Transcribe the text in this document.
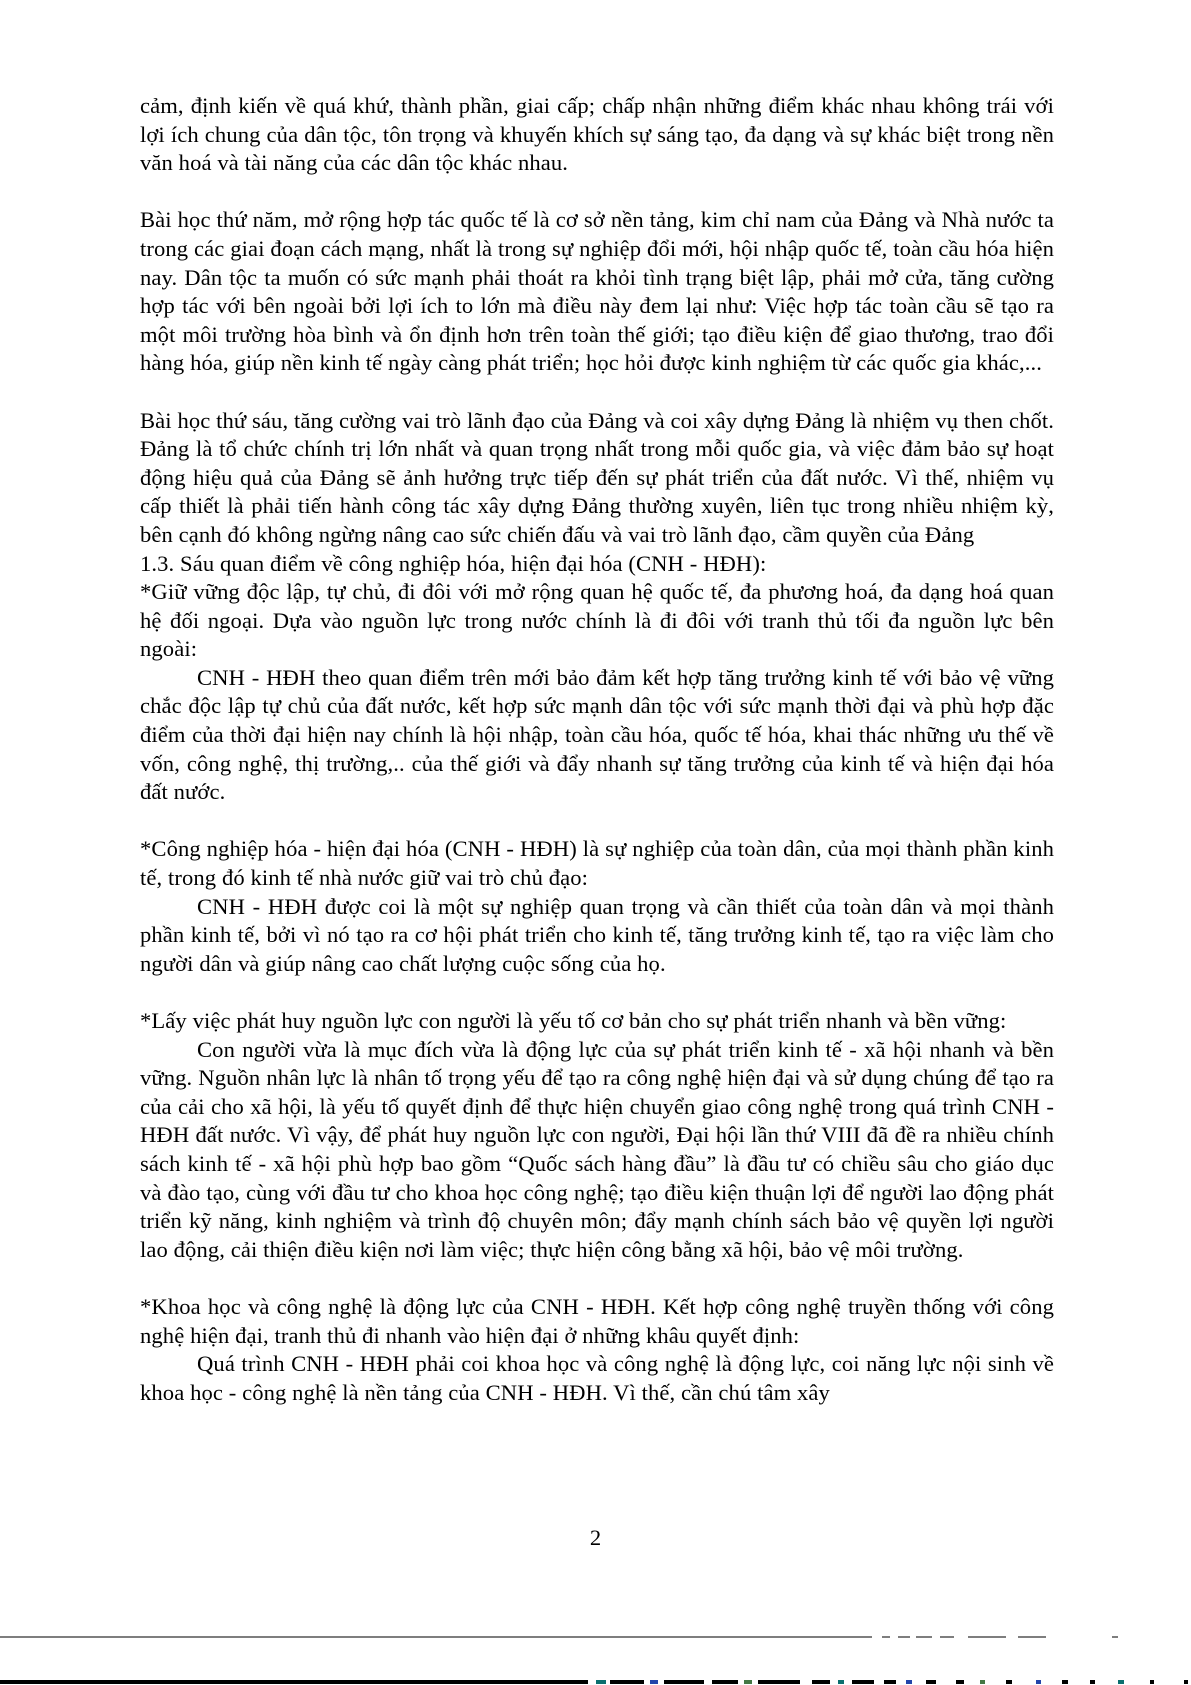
cảm, định kiến về quá khứ, thành phần, giai cấp; chấp nhận những điểm khác nhau không trái với lợi ích chung của dân tộc, tôn trọng và khuyến khích sự sáng tạo, đa dạng và sự khác biệt trong nền văn hoá và tài năng của các dân tộc khác nhau.

Bài học thứ năm, mở rộng hợp tác quốc tế là cơ sở nền tảng, kim chỉ nam của Đảng và Nhà nước ta trong các giai đoạn cách mạng, nhất là trong sự nghiệp đổi mới, hội nhập quốc tế, toàn cầu hóa hiện nay. Dân tộc ta muốn có sức mạnh phải thoát ra khỏi tình trạng biệt lập, phải mở cửa, tăng cường hợp tác với bên ngoài bởi lợi ích to lớn mà điều này đem lại như: Việc hợp tác toàn cầu sẽ tạo ra một môi trường hòa bình và ổn định hơn trên toàn thế giới; tạo điều kiện để giao thương, trao đổi hàng hóa, giúp nền kinh tế ngày càng phát triển; học hỏi được kinh nghiệm từ các quốc gia khác,...

Bài học thứ sáu, tăng cường vai trò lãnh đạo của Đảng và coi xây dựng Đảng là nhiệm vụ then chốt. Đảng là tổ chức chính trị lớn nhất và quan trọng nhất trong mỗi quốc gia, và việc đảm bảo sự hoạt động hiệu quả của Đảng sẽ ảnh hưởng trực tiếp đến sự phát triển của đất nước. Vì thế, nhiệm vụ cấp thiết là phải tiến hành công tác xây dựng Đảng thường xuyên, liên tục trong nhiều nhiệm kỳ, bên cạnh đó không ngừng nâng cao sức chiến đấu và vai trò lãnh đạo, cầm quyền của Đảng

1.3. Sáu quan điểm về công nghiệp hóa, hiện đại hóa (CNH - HĐH):

*Giữ vững độc lập, tự chủ, đi đôi với mở rộng quan hệ quốc tế, đa phương hoá, đa dạng hoá quan hệ đối ngoại. Dựa vào nguồn lực trong nước chính là đi đôi với tranh thủ tối đa nguồn lực bên ngoài:

CNH - HĐH theo quan điểm trên mới bảo đảm kết hợp tăng trưởng kinh tế với bảo vệ vững chắc độc lập tự chủ của đất nước, kết hợp sức mạnh dân tộc với sức mạnh thời đại và phù hợp đặc điểm của thời đại hiện nay chính là hội nhập, toàn cầu hóa, quốc tế hóa, khai thác những ưu thế về vốn, công nghệ, thị trường,.. của thế giới và đẩy nhanh sự tăng trưởng của kinh tế và hiện đại hóa đất nước.

*Công nghiệp hóa - hiện đại hóa (CNH - HĐH) là sự nghiệp của toàn dân, của mọi thành phần kinh tế, trong đó kinh tế nhà nước giữ vai trò chủ đạo:

CNH - HĐH được coi là một sự nghiệp quan trọng và cần thiết của toàn dân và mọi thành phần kinh tế, bởi vì nó tạo ra cơ hội phát triển cho kinh tế, tăng trưởng kinh tế, tạo ra việc làm cho người dân và giúp nâng cao chất lượng cuộc sống của họ.

*Lấy việc phát huy nguồn lực con người là yếu tố cơ bản cho sự phát triển nhanh và bền vững:

Con người vừa là mục đích vừa là động lực của sự phát triển kinh tế - xã hội nhanh và bền vững. Nguồn nhân lực là nhân tố trọng yếu để tạo ra công nghệ hiện đại và sử dụng chúng để tạo ra của cải cho xã hội, là yếu tố quyết định để thực hiện chuyển giao công nghệ trong quá trình CNH - HĐH đất nước. Vì vậy, để phát huy nguồn lực con người, Đại hội lần thứ VIII đã đề ra nhiều chính sách kinh tế - xã hội phù hợp bao gồm “Quốc sách hàng đầu” là đầu tư có chiều sâu cho giáo dục và đào tạo, cùng với đầu tư cho khoa học công nghệ; tạo điều kiện thuận lợi để người lao động phát triển kỹ năng, kinh nghiệm và trình độ chuyên môn; đẩy mạnh chính sách bảo vệ quyền lợi người lao động, cải thiện điều kiện nơi làm việc; thực hiện công bằng xã hội, bảo vệ môi trường.

*Khoa học và công nghệ là động lực của CNH - HĐH. Kết hợp công nghệ truyền thống với công nghệ hiện đại, tranh thủ đi nhanh vào hiện đại ở những khâu quyết định:

Quá trình CNH - HĐH phải coi khoa học và công nghệ là động lực, coi năng lực nội sinh về khoa học - công nghệ là nền tảng của CNH - HĐH. Vì thế, cần chú tâm xây

2
